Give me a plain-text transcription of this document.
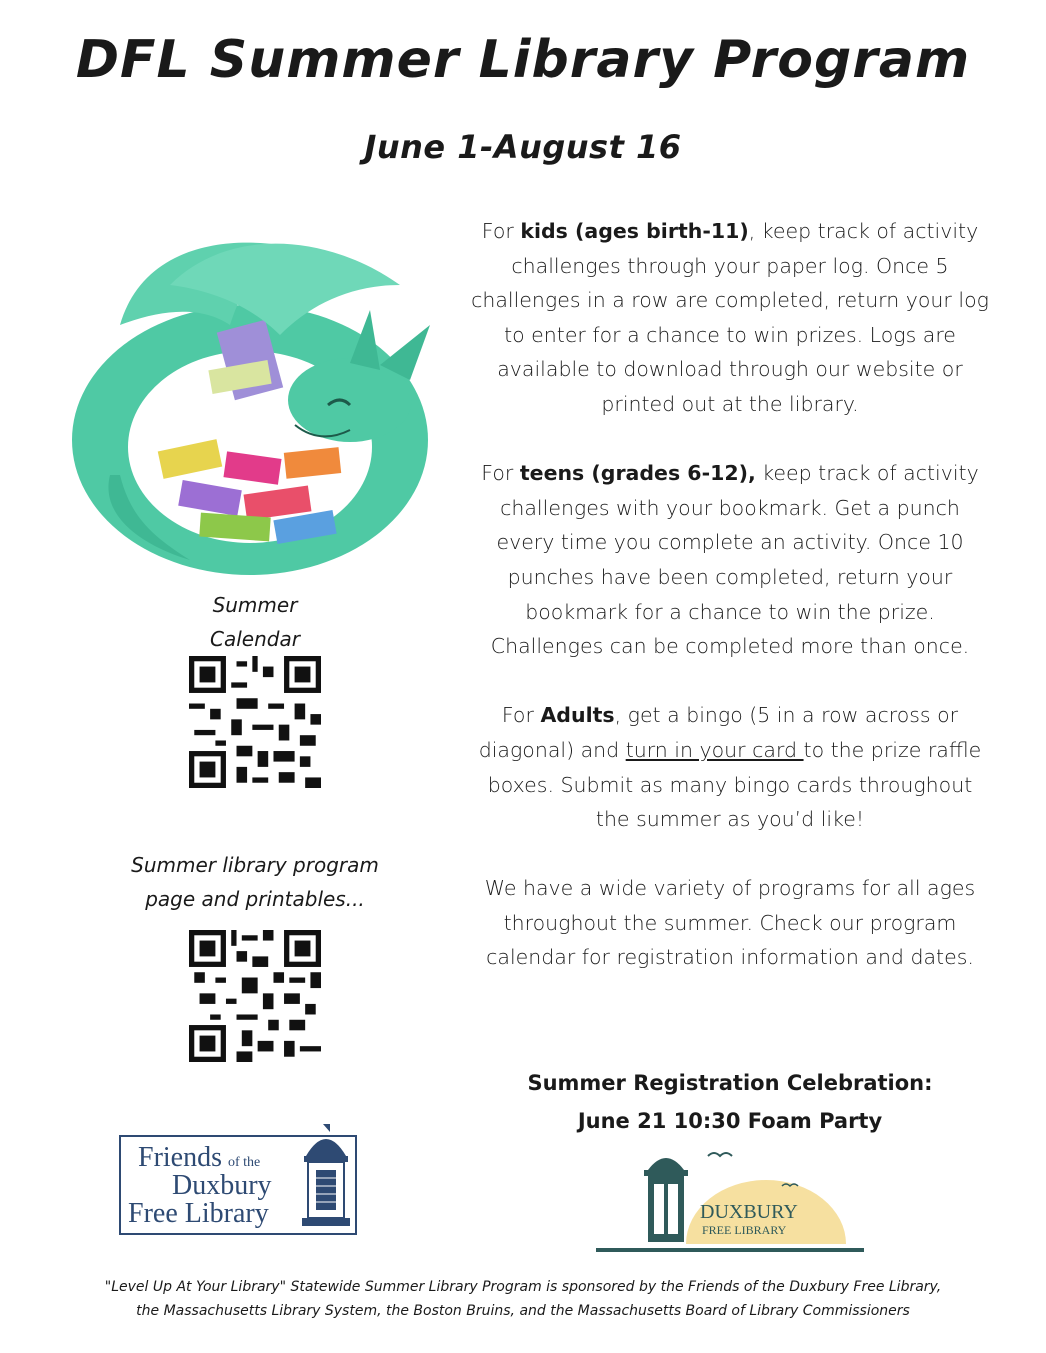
DFL Summer Library Program
June 1-August 16
Summer
Calendar
Summer library program
page and printables...

For kids (ages birth-11), keep track of activity challenges through your paper log. Once 5 challenges in a row are completed, return your log to enter for a chance to win prizes. Logs are available to download through our website or printed out at the library.

For teens (grades 6-12), keep track of activity challenges with your bookmark. Get a punch every time you complete an activity. Once 10 punches have been completed, return your bookmark for a chance to win the prize. Challenges can be completed more than once.

For Adults, get a bingo (5 in a row across or diagonal) and turn in your card to the prize raffle boxes. Submit as many bingo cards throughout the summer as you’d like!

We have a wide variety of programs for all ages throughout the summer. Check our program calendar for registration information and dates.

Summer Registration Celebration:
June 21 10:30 Foam Party
Friends of the
Duxbury
Free Library	DUXBURY
FREE LIBRARY
"Level Up At Your Library" Statewide Summer Library Program is sponsored by the Friends of the Duxbury Free Library,
the Massachusetts Library System, the Boston Bruins, and the Massachusetts Board of Library Commissioners
